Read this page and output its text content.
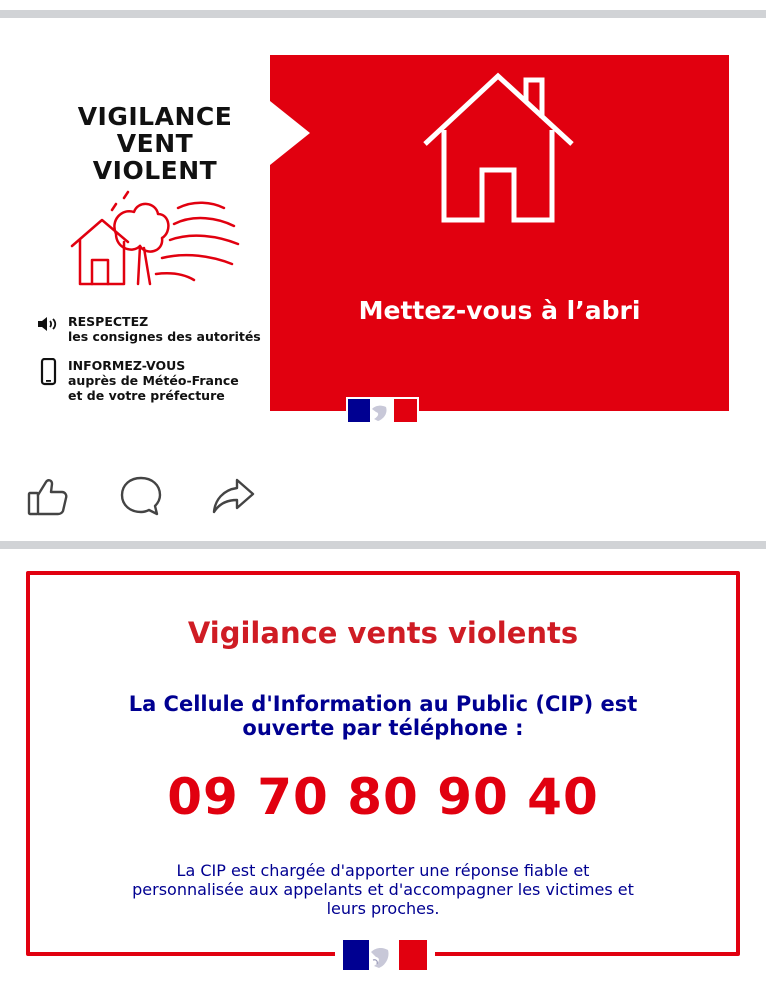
VIGILANCE
VENT
VIOLENT
RESPECTEZ
les consignes des autorités
INFORMEZ-VOUS
auprès de Météo-France
et de votre préfecture
Mettez-vous à l’abri
Vigilance vents violents
La Cellule d'Information au Public (CIP) est
ouverte par téléphone :
09 70 80 90 40
La CIP est chargée d'apporter une réponse fiable et
personnalisée aux appelants et d'accompagner les victimes et
leurs proches.
